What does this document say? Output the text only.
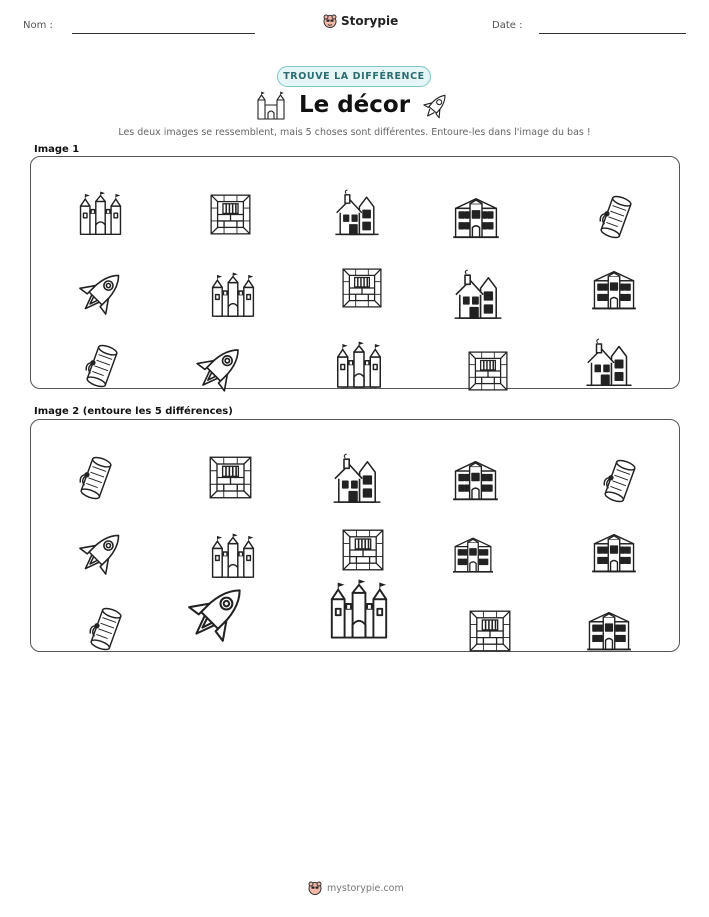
Nom :	Storypie	Date :
TROUVE LA DIFFÉRENCE
Le décor
Les deux images se ressemblent, mais 5 choses sont différentes. Entoure-les dans l'image du bas !
Image 1
Image 2 (entoure les 5 différences)
mystorypie.com
